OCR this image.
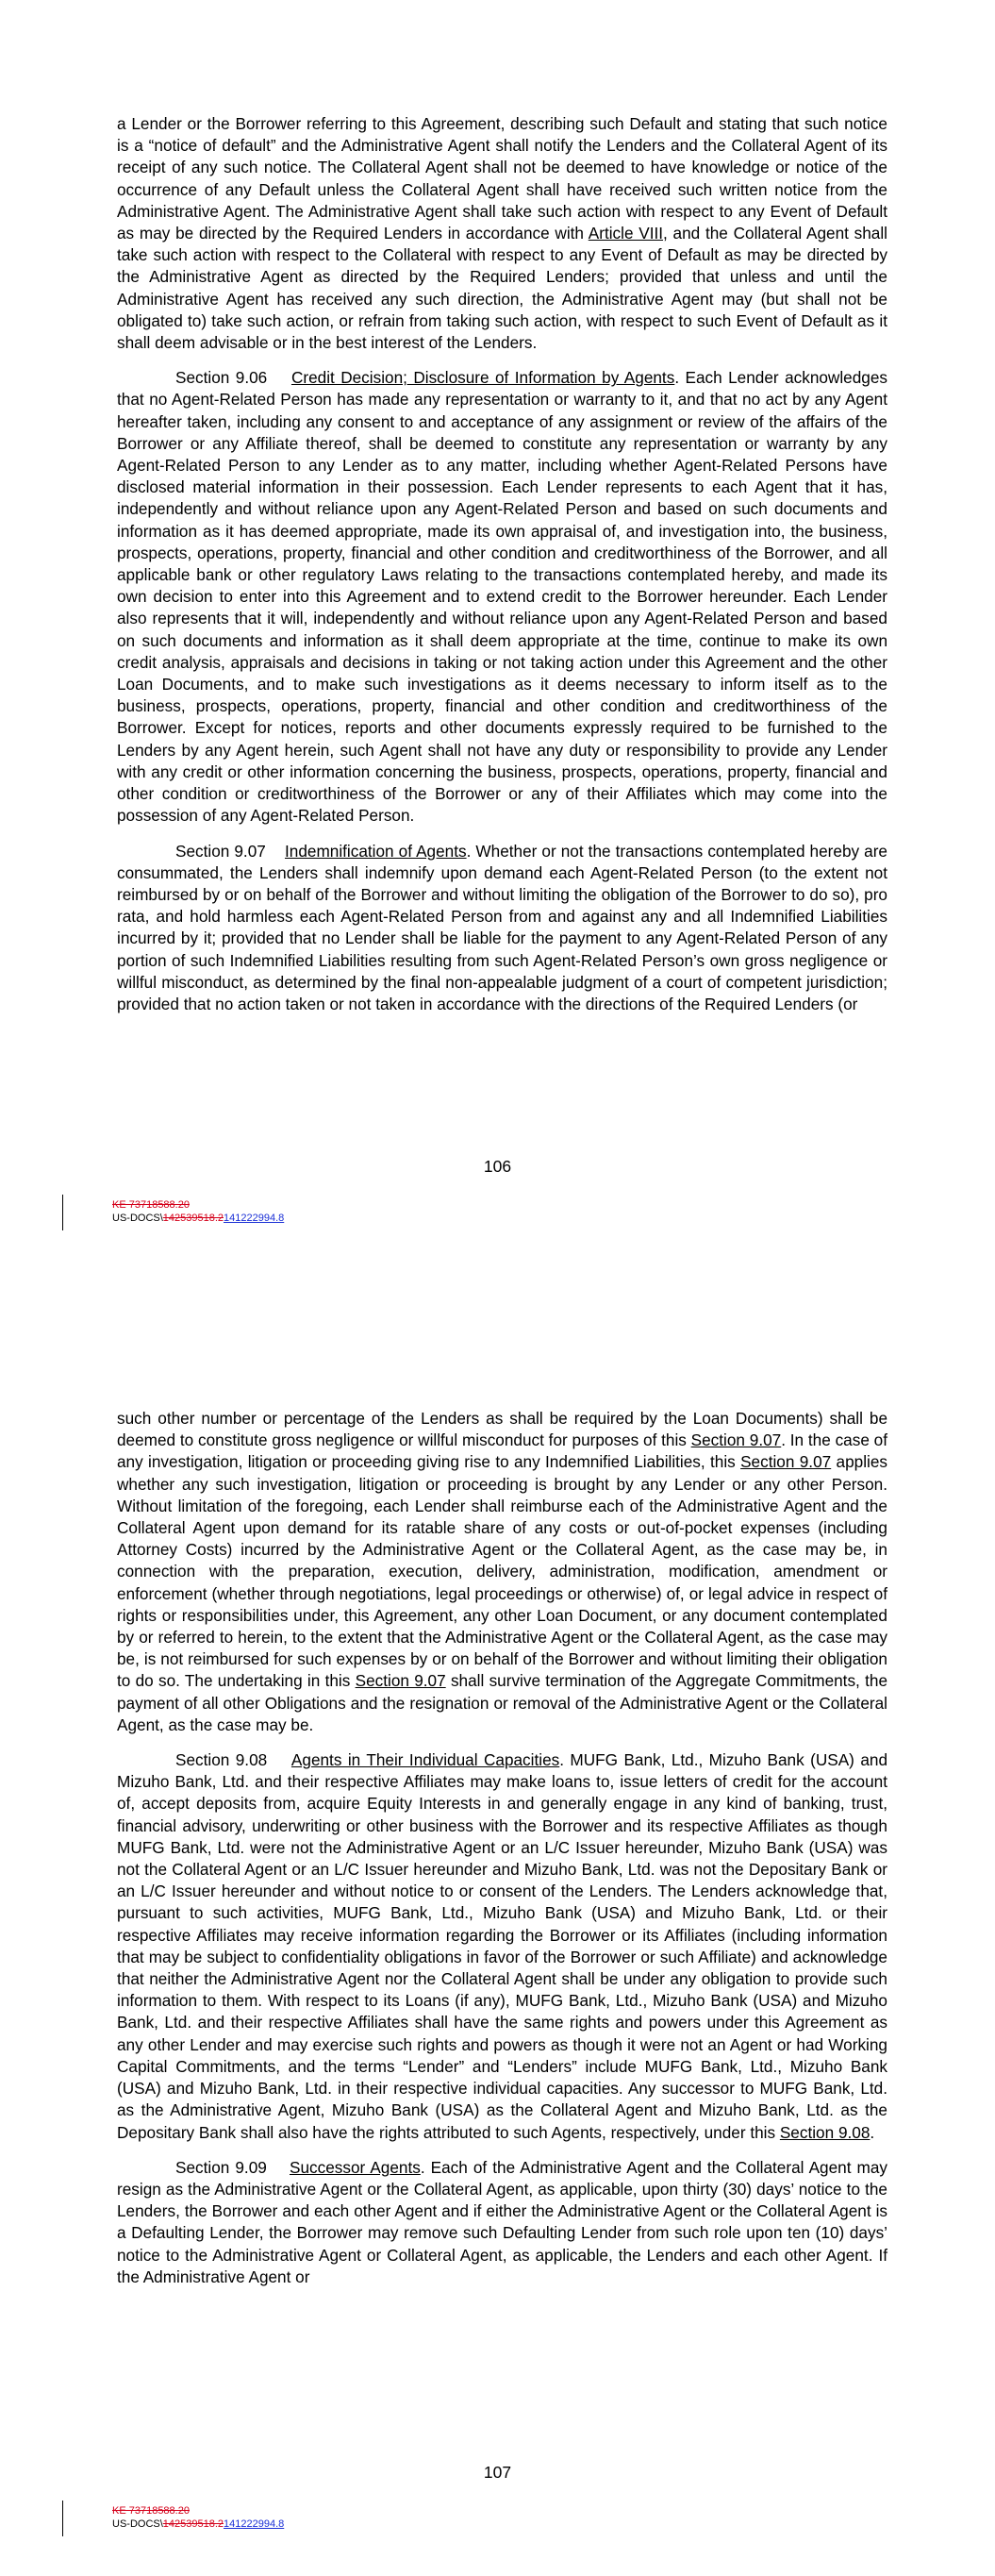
a Lender or the Borrower referring to this Agreement, describing such Default and stating that such notice is a “notice of default” and the Administrative Agent shall notify the Lenders and the Collateral Agent of its receipt of any such notice. The Collateral Agent shall not be deemed to have knowledge or notice of the occurrence of any Default unless the Collateral Agent shall have received such written notice from the Administrative Agent. The Administrative Agent shall take such action with respect to any Event of Default as may be directed by the Required Lenders in accordance with Article VIII, and the Collateral Agent shall take such action with respect to the Collateral with respect to any Event of Default as may be directed by the Administrative Agent as directed by the Required Lenders; provided that unless and until the Administrative Agent has received any such direction, the Administrative Agent may (but shall not be obligated to) take such action, or refrain from taking such action, with respect to such Event of Default as it shall deem advisable or in the best interest of the Lenders.

Section 9.06 Credit Decision; Disclosure of Information by Agents. Each Lender acknowledges that no Agent-Related Person has made any representation or warranty to it, and that no act by any Agent hereafter taken, including any consent to and acceptance of any assignment or review of the affairs of the Borrower or any Affiliate thereof, shall be deemed to constitute any representation or warranty by any Agent-Related Person to any Lender as to any matter, including whether Agent-Related Persons have disclosed material information in their possession. Each Lender represents to each Agent that it has, independently and without reliance upon any Agent-Related Person and based on such documents and information as it has deemed appropriate, made its own appraisal of, and investigation into, the business, prospects, operations, property, financial and other condition and creditworthiness of the Borrower, and all applicable bank or other regulatory Laws relating to the transactions contemplated hereby, and made its own decision to enter into this Agreement and to extend credit to the Borrower hereunder. Each Lender also represents that it will, independently and without reliance upon any Agent-Related Person and based on such documents and information as it shall deem appropriate at the time, continue to make its own credit analysis, appraisals and decisions in taking or not taking action under this Agreement and the other Loan Documents, and to make such investigations as it deems necessary to inform itself as to the business, prospects, operations, property, financial and other condition and creditworthiness of the Borrower. Except for notices, reports and other documents expressly required to be furnished to the Lenders by any Agent herein, such Agent shall not have any duty or responsibility to provide any Lender with any credit or other information concerning the business, prospects, operations, property, financial and other condition or creditworthiness of the Borrower or any of their Affiliates which may come into the possession of any Agent-Related Person.

Section 9.07 Indemnification of Agents. Whether or not the transactions contemplated hereby are consummated, the Lenders shall indemnify upon demand each Agent-Related Person (to the extent not reimbursed by or on behalf of the Borrower and without limiting the obligation of the Borrower to do so), pro rata, and hold harmless each Agent-Related Person from and against any and all Indemnified Liabilities incurred by it; provided that no Lender shall be liable for the payment to any Agent-Related Person of any portion of such Indemnified Liabilities resulting from such Agent-Related Person’s own gross negligence or willful misconduct, as determined by the final non-appealable judgment of a court of competent jurisdiction; provided that no action taken or not taken in accordance with the directions of the Required Lenders (or

106
KE 73718588.20
US-DOCS\142539518.2141222994.8

such other number or percentage of the Lenders as shall be required by the Loan Documents) shall be deemed to constitute gross negligence or willful misconduct for purposes of this Section 9.07. In the case of any investigation, litigation or proceeding giving rise to any Indemnified Liabilities, this Section 9.07 applies whether any such investigation, litigation or proceeding is brought by any Lender or any other Person. Without limitation of the foregoing, each Lender shall reimburse each of the Administrative Agent and the Collateral Agent upon demand for its ratable share of any costs or out-of-pocket expenses (including Attorney Costs) incurred by the Administrative Agent or the Collateral Agent, as the case may be, in connection with the preparation, execution, delivery, administration, modification, amendment or enforcement (whether through negotiations, legal proceedings or otherwise) of, or legal advice in respect of rights or responsibilities under, this Agreement, any other Loan Document, or any document contemplated by or referred to herein, to the extent that the Administrative Agent or the Collateral Agent, as the case may be, is not reimbursed for such expenses by or on behalf of the Borrower and without limiting their obligation to do so. The undertaking in this Section 9.07 shall survive termination of the Aggregate Commitments, the payment of all other Obligations and the resignation or removal of the Administrative Agent or the Collateral Agent, as the case may be.

Section 9.08 Agents in Their Individual Capacities. MUFG Bank, Ltd., Mizuho Bank (USA) and Mizuho Bank, Ltd. and their respective Affiliates may make loans to, issue letters of credit for the account of, accept deposits from, acquire Equity Interests in and generally engage in any kind of banking, trust, financial advisory, underwriting or other business with the Borrower and its respective Affiliates as though MUFG Bank, Ltd. were not the Administrative Agent or an L/C Issuer hereunder, Mizuho Bank (USA) was not the Collateral Agent or an L/C Issuer hereunder and Mizuho Bank, Ltd. was not the Depositary Bank or an L/C Issuer hereunder and without notice to or consent of the Lenders. The Lenders acknowledge that, pursuant to such activities, MUFG Bank, Ltd., Mizuho Bank (USA) and Mizuho Bank, Ltd. or their respective Affiliates may receive information regarding the Borrower or its Affiliates (including information that may be subject to confidentiality obligations in favor of the Borrower or such Affiliate) and acknowledge that neither the Administrative Agent nor the Collateral Agent shall be under any obligation to provide such information to them. With respect to its Loans (if any), MUFG Bank, Ltd., Mizuho Bank (USA) and Mizuho Bank, Ltd. and their respective Affiliates shall have the same rights and powers under this Agreement as any other Lender and may exercise such rights and powers as though it were not an Agent or had Working Capital Commitments, and the terms “Lender” and “Lenders” include MUFG Bank, Ltd., Mizuho Bank (USA) and Mizuho Bank, Ltd. in their respective individual capacities. Any successor to MUFG Bank, Ltd. as the Administrative Agent, Mizuho Bank (USA) as the Collateral Agent and Mizuho Bank, Ltd. as the Depositary Bank shall also have the rights attributed to such Agents, respectively, under this Section 9.08.

Section 9.09 Successor Agents. Each of the Administrative Agent and the Collateral Agent may resign as the Administrative Agent or the Collateral Agent, as applicable, upon thirty (30) days’ notice to the Lenders, the Borrower and each other Agent and if either the Administrative Agent or the Collateral Agent is a Defaulting Lender, the Borrower may remove such Defaulting Lender from such role upon ten (10) days’ notice to the Administrative Agent or Collateral Agent, as applicable, the Lenders and each other Agent. If the Administrative Agent or

107
KE 73718588.20
US-DOCS\142539518.2141222994.8
